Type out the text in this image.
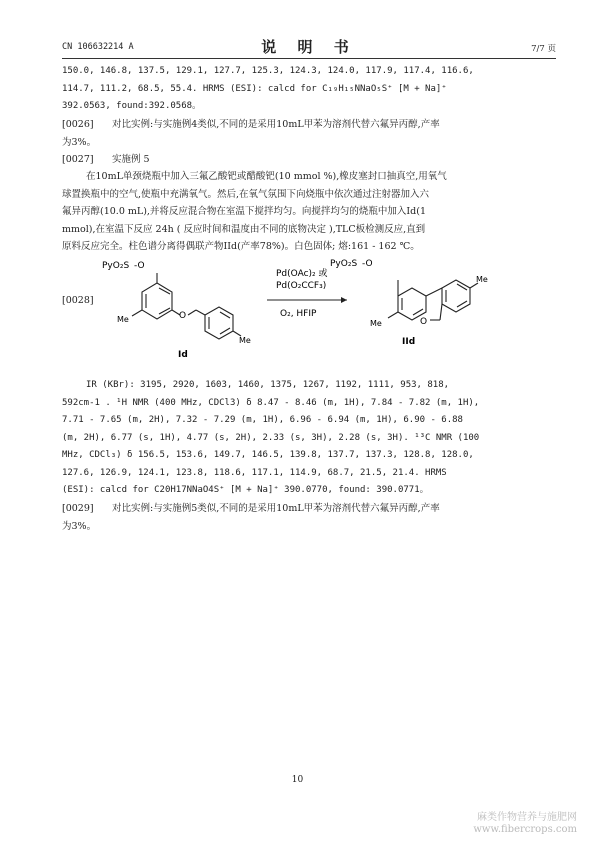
CN 106632214 A	说 明 书	7/7 页
150.0, 146.8, 137.5, 129.1, 127.7, 125.3, 124.3, 124.0, 117.9, 117.4, 116.6,
114.7, 111.2, 68.5, 55.4. HRMS (ESI): calcd for C₁₉H₁₅NNaO₅S⁺ [M + Na]⁺
392.0563, found:392.0568。
[0026] 对比实例:与实施例4类似,不同的是采用10mL甲苯为溶剂代替六氟异丙醇,产率
为3%。
[0027] 实施例 5
在10mL单颈烧瓶中加入三氟乙酸钯或醋酸钯(10 mmol %),橡皮塞封口抽真空,用氧气
球置换瓶中的空气,使瓶中充满氧气。然后,在氧气氛围下向烧瓶中依次通过注射器加入六
氟异丙醇(10.0 mL),并将反应混合物在室温下搅拌均匀。向搅拌均匀的烧瓶中加入Id(1
mmol),在室温下反应 24h ( 反应时间和温度由不同的底物决定 ),TLC板检测反应,直到
原料反应完全。柱色谱分离得偶联产物IId(产率78%)。白色固体; 熔:161 - 162 ℃。
[0028]
PyO₂S -O
Me	O
Me
Id
Pd(OAc)₂ 或
Pd(O₂CCF₃)
O₂, HFIP
PyO₂S -O
O
Me
Me
IId
IR (KBr): 3195, 2920, 1603, 1460, 1375, 1267, 1192, 1111, 953, 818,
592cm-1 . ¹H NMR (400 MHz, CDCl3) δ 8.47 - 8.46 (m, 1H), 7.84 - 7.82 (m, 1H),
7.71 - 7.65 (m, 2H), 7.32 - 7.29 (m, 1H), 6.96 - 6.94 (m, 1H), 6.90 - 6.88
(m, 2H), 6.77 (s, 1H), 4.77 (s, 2H), 2.33 (s, 3H), 2.28 (s, 3H). ¹³C NMR (100
MHz, CDCl₃) δ 156.5, 153.6, 149.7, 146.5, 139.8, 137.7, 137.3, 128.8, 128.0,
127.6, 126.9, 124.1, 123.8, 118.6, 117.1, 114.9, 68.7, 21.5, 21.4. HRMS
(ESI): calcd for C20H17NNaO4S⁺ [M + Na]⁺ 390.0770, found: 390.0771。
[0029] 对比实例:与实施例5类似,不同的是采用10mL甲苯为溶剂代替六氟异丙醇,产率
为3%。
10
麻类作物营养与施肥网
www.fibercrops.com
